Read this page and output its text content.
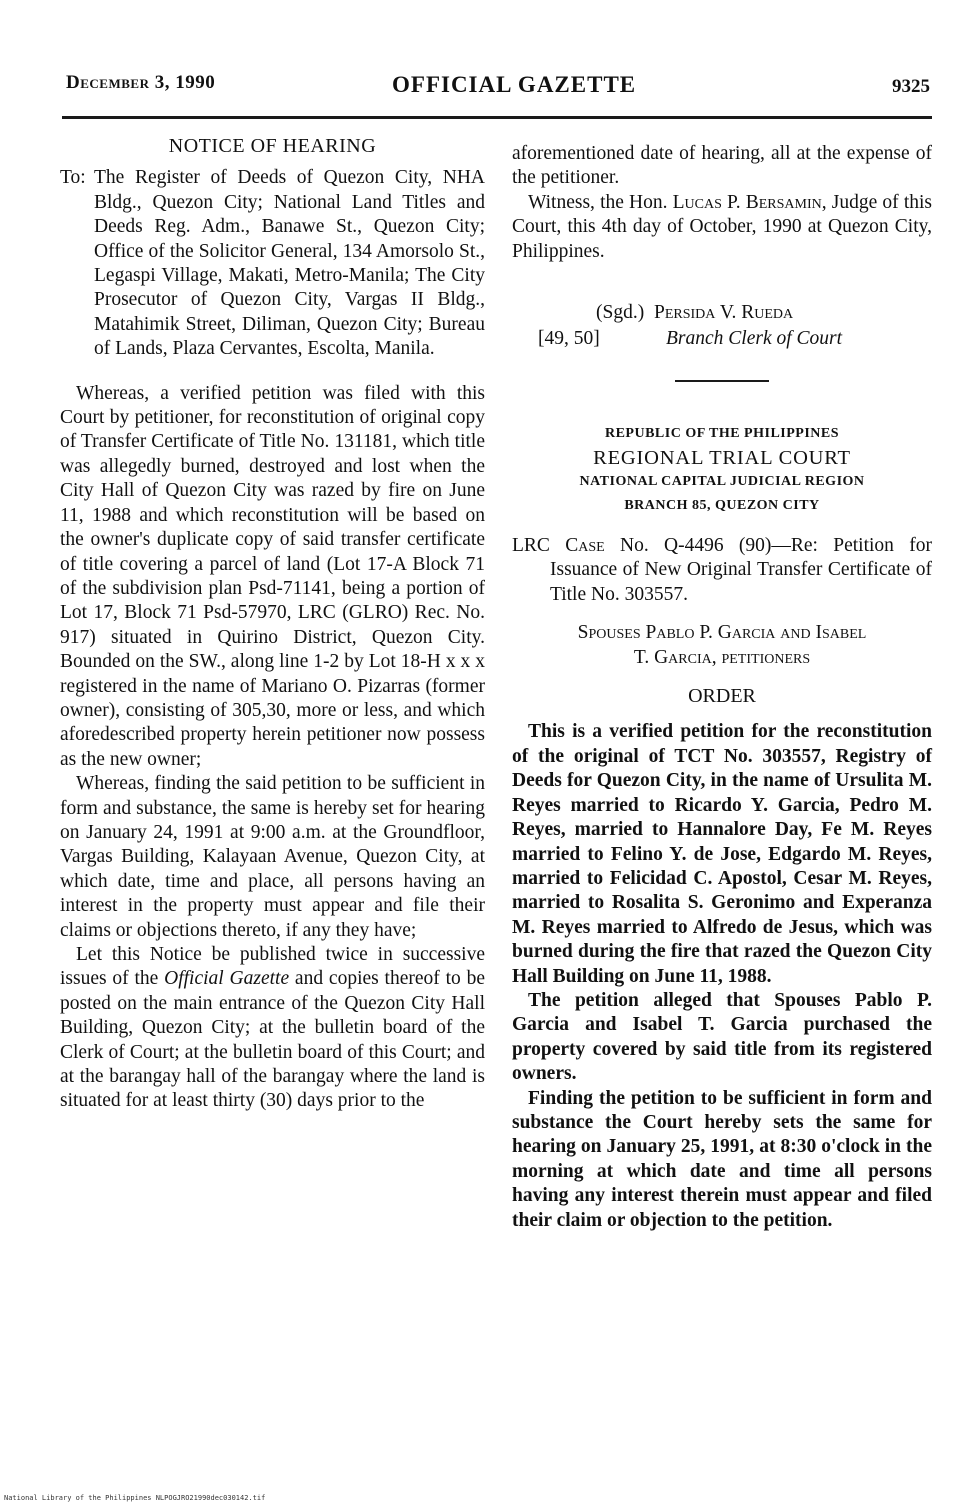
December 3, 1990	OFFICIAL GAZETTE	9325
NOTICE OF HEARING
To: The Register of Deeds of Quezon City, NHA Bldg., Quezon City; National Land Titles and Deeds Reg. Adm., Banawe St., Quezon City; Office of the Solicitor General, 134 Amorsolo St., Legaspi Village, Makati, Metro-Manila; The City Prosecutor of Quezon City, Vargas II Bldg., Matahimik Street, Diliman, Quezon City; Bureau of Lands, Plaza Cervantes, Escolta, Manila.

Whereas, a verified petition was filed with this Court by petitioner, for reconstitution of original copy of Transfer Certificate of Title No. 131181, which title was allegedly burned, destroyed and lost when the City Hall of Quezon City was razed by fire on June 11, 1988 and which reconstitution will be based on the owner's duplicate copy of said transfer certificate of title covering a parcel of land (Lot 17-A Block 71 of the subdivision plan Psd-71141, being a portion of Lot 17, Block 71 Psd-57970, LRC (GLRO) Rec. No. 917) situated in Quirino District, Quezon City. Bounded on the SW., along line 1-2 by Lot 18-H x x x registered in the name of Mariano O. Pizarras (former owner), consisting of 305,30, more or less, and which aforedescribed property herein petitioner now possess as the new owner;

Whereas, finding the said petition to be sufficient in form and substance, the same is hereby set for hearing on January 24, 1991 at 9:00 a.m. at the Groundfloor, Vargas Building, Kalayaan Avenue, Quezon City, at which date, time and place, all persons having an interest in the property must appear and file their claims or objections thereto, if any they have;

Let this Notice be published twice in successive issues of the Official Gazette and copies thereof to be posted on the main entrance of the Quezon City Hall Building, Quezon City; at the bulletin board of the Clerk of Court; at the bulletin board of this Court; and at the barangay hall of the barangay where the land is situated for at least thirty (30) days prior to the

aforementioned date of hearing, all at the expense of the petitioner.

Witness, the Hon. Lucas P. Bersamin, Judge of this Court, this 4th day of October, 1990 at Quezon City, Philippines.

(Sgd.) Persida V. Rueda
[49, 50]	Branch Clerk of Court
REPUBLIC OF THE PHILIPPINES
REGIONAL TRIAL COURT
NATIONAL CAPITAL JUDICIAL REGION
BRANCH 85, QUEZON CITY

LRC Case No. Q-4496 (90)—Re: Petition for Issuance of New Original Transfer Certificate of Title No. 303557.

Spouses Pablo P. Garcia and Isabel
T. Garcia, petitioners
ORDER

This is a verified petition for the reconstitution of the original of TCT No. 303557, Registry of Deeds for Quezon City, in the name of Ursulita M. Reyes married to Ricardo Y. Garcia, Pedro M. Reyes, married to Hannalore Day, Fe M. Reyes married to Felino Y. de Jose, Edgardo M. Reyes, married to Felicidad C. Apostol, Cesar M. Reyes, married to Rosalita S. Geronimo and Experanza M. Reyes married to Alfredo de Jesus, which was burned during the fire that razed the Quezon City Hall Building on June 11, 1988.

The petition alleged that Spouses Pablo P. Garcia and Isabel T. Garcia purchased the property covered by said title from its registered owners.

Finding the petition to be sufficient in form and substance the Court hereby sets the same for hearing on January 25, 1991, at 8:30 o'clock in the morning at which date and time all persons having any interest therein must appear and filed their claim or objection to the petition.

National Library of the Philippines NLPOGJRO21990dec030142.tif
